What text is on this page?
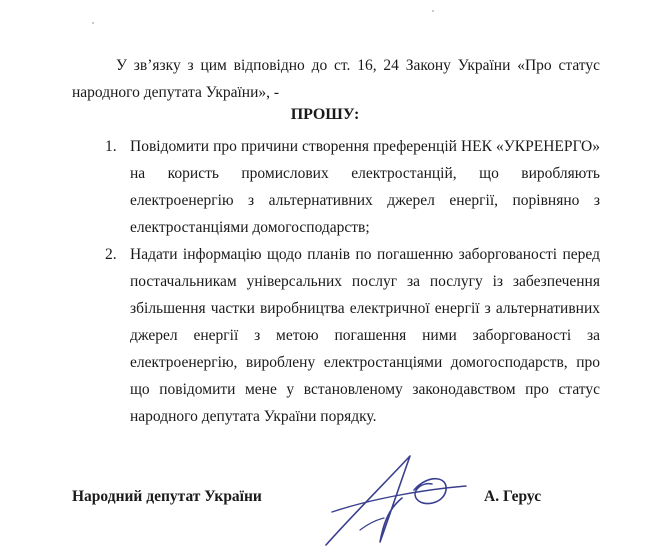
У зв’язку з цим відповідно до ст. 16, 24 Закону України «Про статус народного депутата України», -

ПРОШУ:

1. Повідомити про причини створення преференцій НЕК «УКРЕНЕРГО» на користь промислових електростанцій, що виробляють електроенергію з альтернативних джерел енергії, порівняно з електростанціями домогосподарств;
2. Надати інформацію щодо планів по погашенню заборгованості перед постачальникам універсальних послуг за послугу із забезпечення збільшення частки виробництва електричної енергії з альтернативних джерел енергії з метою погашення ними заборгованості за електроенергію, вироблену електростанціями домогосподарств, про що повідомити мене у встановленому законодавством про статус народного депутата України порядку.

Народний депутат України	А. Герус
